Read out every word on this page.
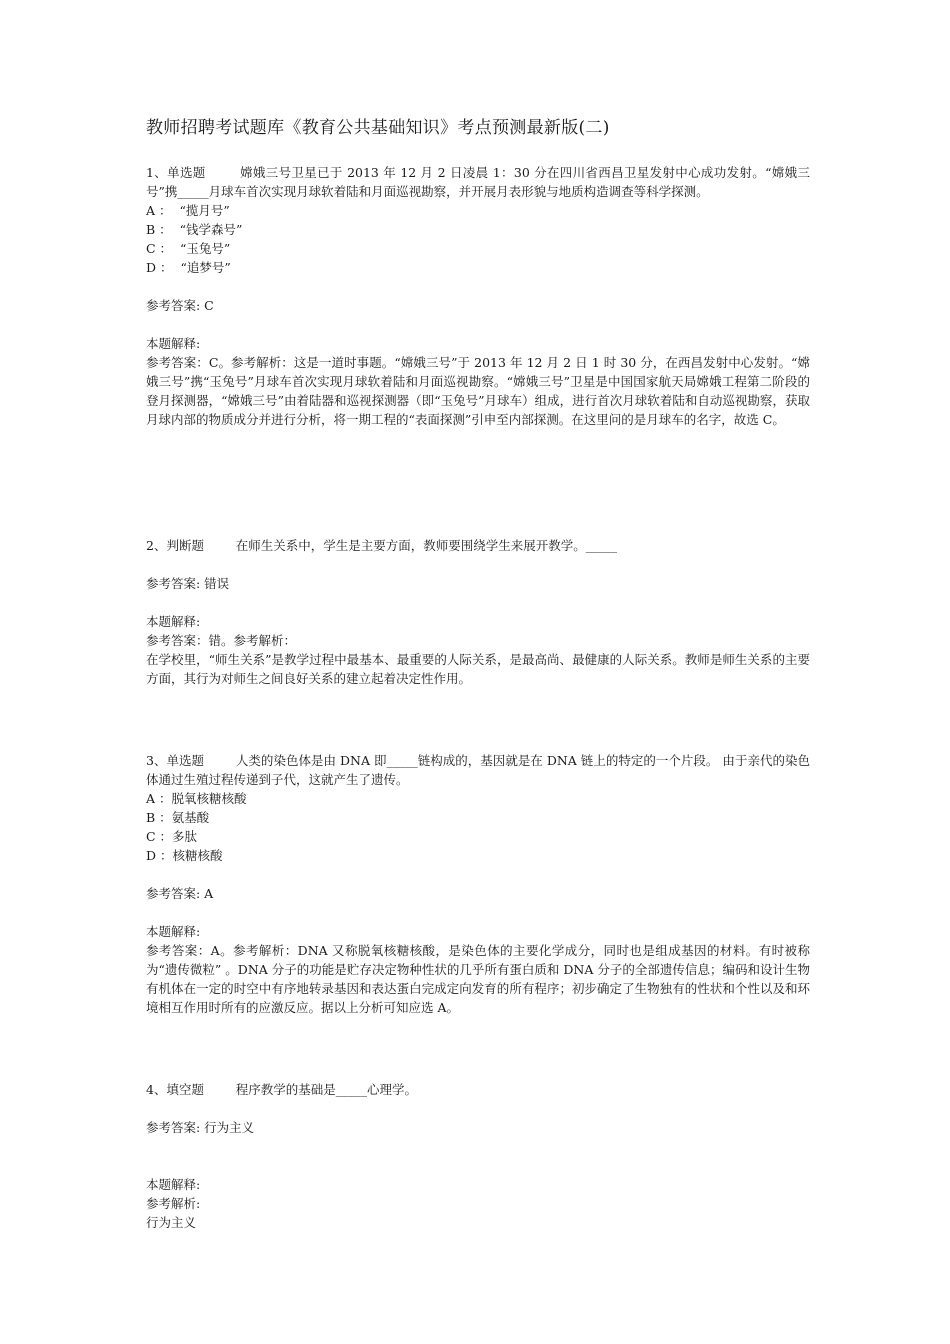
教师招聘考试题库《教育公共基础知识》考点预测最新版(二)

1、单选题	嫦娥三号卫星已于 2013 年 12 月 2 日凌晨 1：30 分在四川省西昌卫星发射中心成功发射。“嫦娥三号”携_____月球车首次实现月球软着陆和月面巡视勘察，并开展月表形貌与地质构造调查等科学探测。

A ：  “揽月号”
B ：  “钱学森号”
C ：  “玉兔号”
D ：  “追梦号”
参考答案: C
本题解释:

参考答案：C。参考解析：这是一道时事题。“嫦娥三号”于 2013 年 12 月 2 日 1 时 30 分，在西昌发射中心发射。“嫦娥三号”携“玉兔号”月球车首次实现月球软着陆和月面巡视勘察。“嫦娥三号”卫星是中国国家航天局嫦娥工程第二阶段的登月探测器，“嫦娥三号”由着陆器和巡视探测器（即“玉兔号”月球车）组成，进行首次月球软着陆和自动巡视勘察，获取月球内部的物质成分并进行分析，将一期工程的“表面探测”引申至内部探测。在这里问的是月球车的名字，故选 C。

2、判断题	在师生关系中，学生是主要方面，教师要围绕学生来展开教学。_____

参考答案: 错误
本题解释:
参考答案：错。参考解析：

在学校里，“师生关系”是教学过程中最基本、最重要的人际关系，是最高尚、最健康的人际关系。教师是师生关系的主要方面，其行为对师生之间良好关系的建立起着决定性作用。

3、单选题	人类的染色体是由 DNA 即_____链构成的，基因就是在 DNA 链上的特定的一个片段。 由于亲代的染色体通过生殖过程传递到子代，这就产生了遗传。

A ：脱氧核糖核酸
B ：氨基酸
C ：多肽
D ：核糖核酸
参考答案: A
本题解释:

参考答案：A。参考解析：DNA 又称脱氧核糖核酸，是染色体的主要化学成分，同时也是组成基因的材料。有时被称为“遗传微粒” 。DNA 分子的功能是贮存决定物种性状的几乎所有蛋白质和 DNA 分子的全部遗传信息；编码和设计生物有机体在一定的时空中有序地转录基因和表达蛋白完成定向发育的所有程序；初步确定了生物独有的性状和个性以及和环境相互作用时所有的应激反应。据以上分析可知应选 A。

4、填空题	程序教学的基础是_____心理学。

参考答案: 行为主义
本题解释:
参考解析:

行为主义
